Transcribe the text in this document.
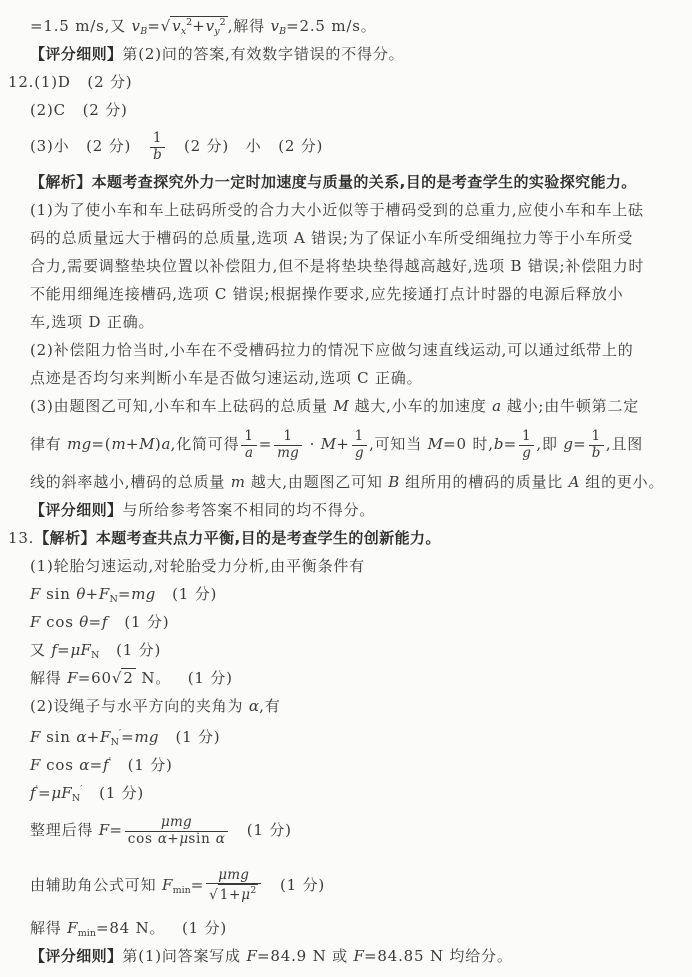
=1.5 m/s,又 $v_B=√$ $v_x^2+v_y^2$ ,解得 $v_B=2.5$ m/s。
【评分细则】第(2)问的答案,有效数字错误的不得分。
12.(1)D   (2 分)
(2)C   (2 分)
(3)小   (2 分) $\frac{1}{b} (2$ 分)   小   (2 分)
【解析】本题考查探究外力一定时加速度与质量的关系,目的是考查学生的实验探究能力。
(1)为了使小车和车上砝码所受的合力大小近似等于槽码受到的总重力,应使小车和车上砝
码的总质量远大于槽码的总质量,选项 A 错误;为了保证小车所受细绳拉力等于小车所受
合力,需要调整垫块位置以补偿阻力,但不是将垫块垫得越高越好,选项 B 错误;补偿阻力时
不能用细绳连接槽码,选项 C 错误;根据操作要求,应先接通打点计时器的电源后释放小
车,选项 D 正确。
(2)补偿阻力恰当时,小车在不受槽码拉力的情况下应做匀速直线运动,可以通过纸带上的
点迹是否均匀来判断小车是否做匀速运动,选项 C 正确。
(3)由题图乙可知,小车和车上砝码的总质量 M 越大,小车的加速度 a 越小;由牛顿第二定
律有 mg=(m+M)a,化简可得 $\frac{1}{a} = \frac{1}{mg} \cdot M+ \frac{1}{g}$ ,可知当 M=0 时$,b= \frac{1}{g}$ ,即 $g= \frac{1}{b}$ ,且图
线的斜率越小,槽码的总质量 m 越大,由题图乙可知 B 组所用的槽码的质量比 A 组的更小。
【评分细则】与所给参考答案不相同的均不得分。
13.【解析】本题考查共点力平衡,目的是考查学生的创新能力。
(1)轮胎匀速运动,对轮胎受力分析,由平衡条件有
F $\sin \theta+F_N=mg$   (1 分)
F cos θ=f   (1 分)
又 $f=\mu F_N$   (1 分)
解得 F=60√ 2 N。   (1 分)
(2)设绳子与水平方向的夹角为 α,有
F $\sin \alpha+F_N'=mg$   (1 分)
F cos α=f′   (1 分)
$f'=\mu F_N'$   (1 分)
整理后得 $F= \frac{\text{μmg}}{\text{cos α+μsin α}} (1$ 分)
由辅助角公式可知 $F_{min}= \frac{\text{μmg}}{√ 1+\mu^2} (1$ 分)
解得 $F_{min}=84$ N。   (1 分)
【评分细则】第(1)问答案写成 F=84.9 N 或 F=84.85 N 均给分。
